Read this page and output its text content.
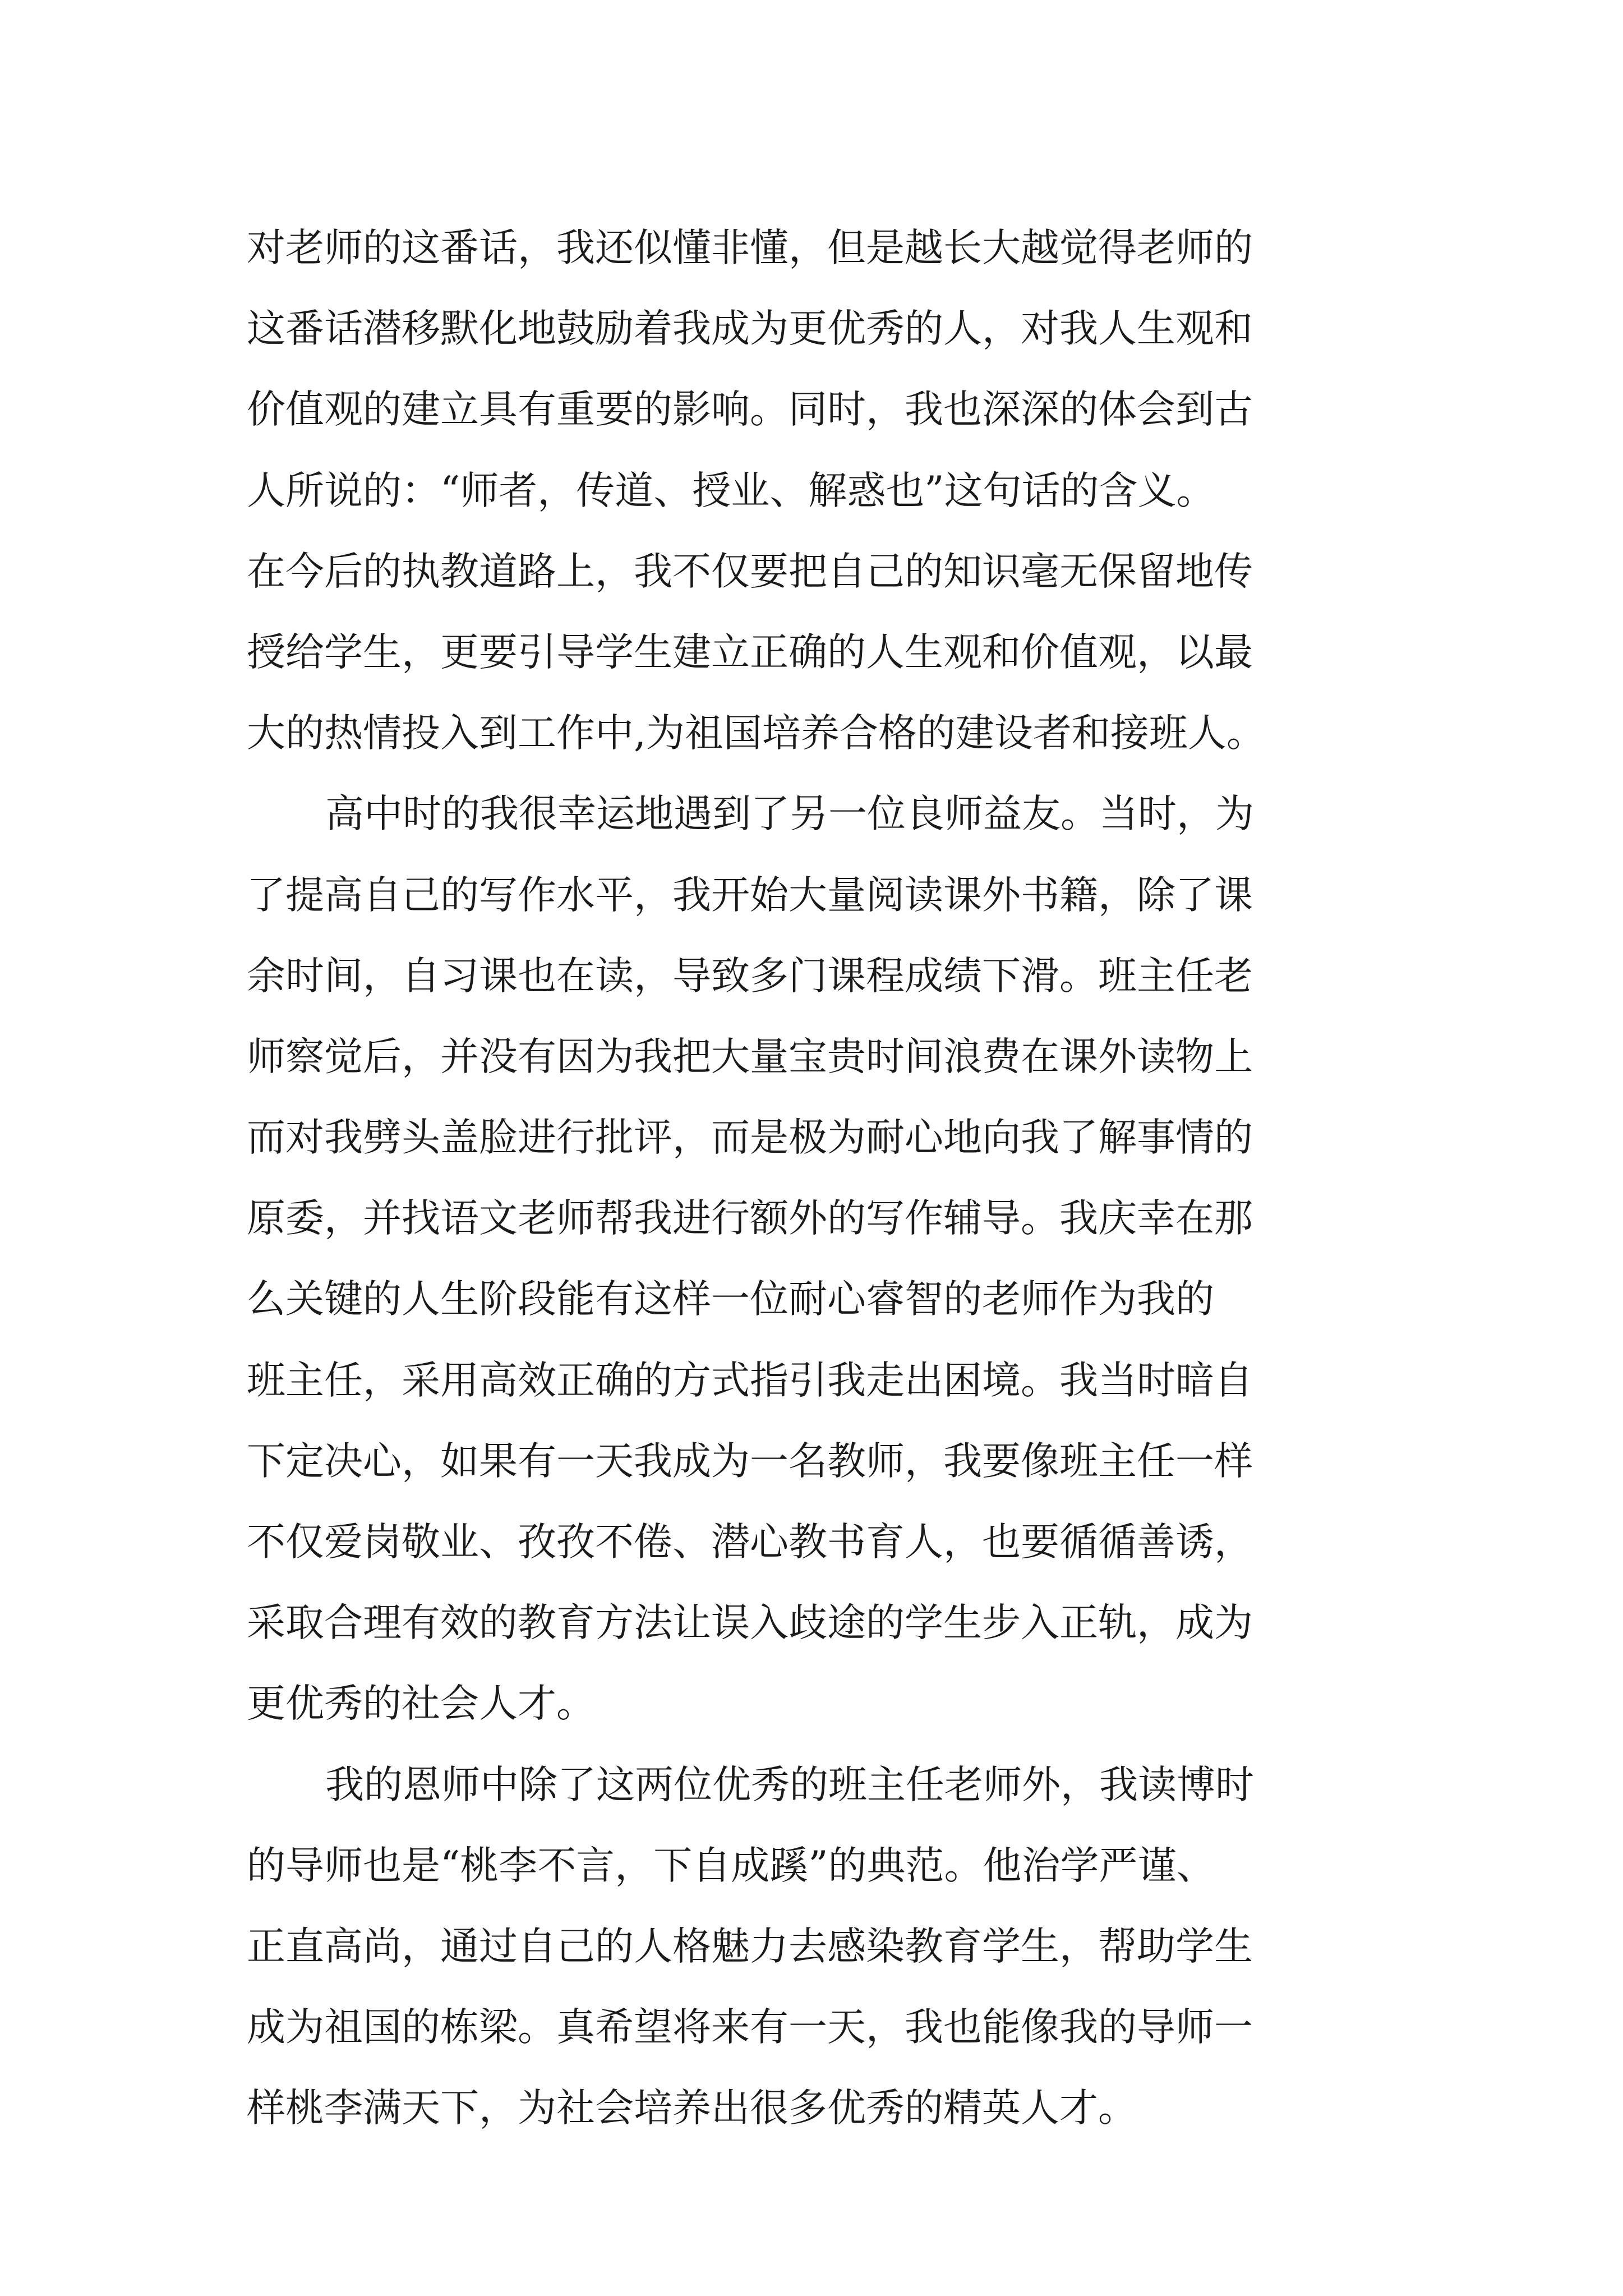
对老师的这番话，我还似懂非懂，但是越长大越觉得老师的
这番话潜移默化地鼓励着我成为更优秀的人，对我人生观和
价值观的建立具有重要的影响。同时，我也深深的体会到古
人所说的：“师者，传道、授业、解惑也”这句话的含义。
在今后的执教道路上，我不仅要把自己的知识毫无保留地传
授给学生，更要引导学生建立正确的人生观和价值观，以最
大的热情投入到工作中,为祖国培养合格的建设者和接班人。
高中时的我很幸运地遇到了另一位良师益友。当时，为
了提高自己的写作水平，我开始大量阅读课外书籍，除了课
余时间，自习课也在读，导致多门课程成绩下滑。班主任老
师察觉后，并没有因为我把大量宝贵时间浪费在课外读物上
而对我劈头盖脸进行批评，而是极为耐心地向我了解事情的
原委，并找语文老师帮我进行额外的写作辅导。我庆幸在那
么关键的人生阶段能有这样一位耐心睿智的老师作为我的
班主任，采用高效正确的方式指引我走出困境。我当时暗自
下定决心，如果有一天我成为一名教师，我要像班主任一样
不仅爱岗敬业、孜孜不倦、潜心教书育人，也要循循善诱，
采取合理有效的教育方法让误入歧途的学生步入正轨，成为
更优秀的社会人才。
我的恩师中除了这两位优秀的班主任老师外，我读博时
的导师也是“桃李不言，下自成蹊”的典范。他治学严谨、
正直高尚，通过自己的人格魅力去感染教育学生，帮助学生
成为祖国的栋梁。真希望将来有一天，我也能像我的导师一
样桃李满天下，为社会培养出很多优秀的精英人才。
